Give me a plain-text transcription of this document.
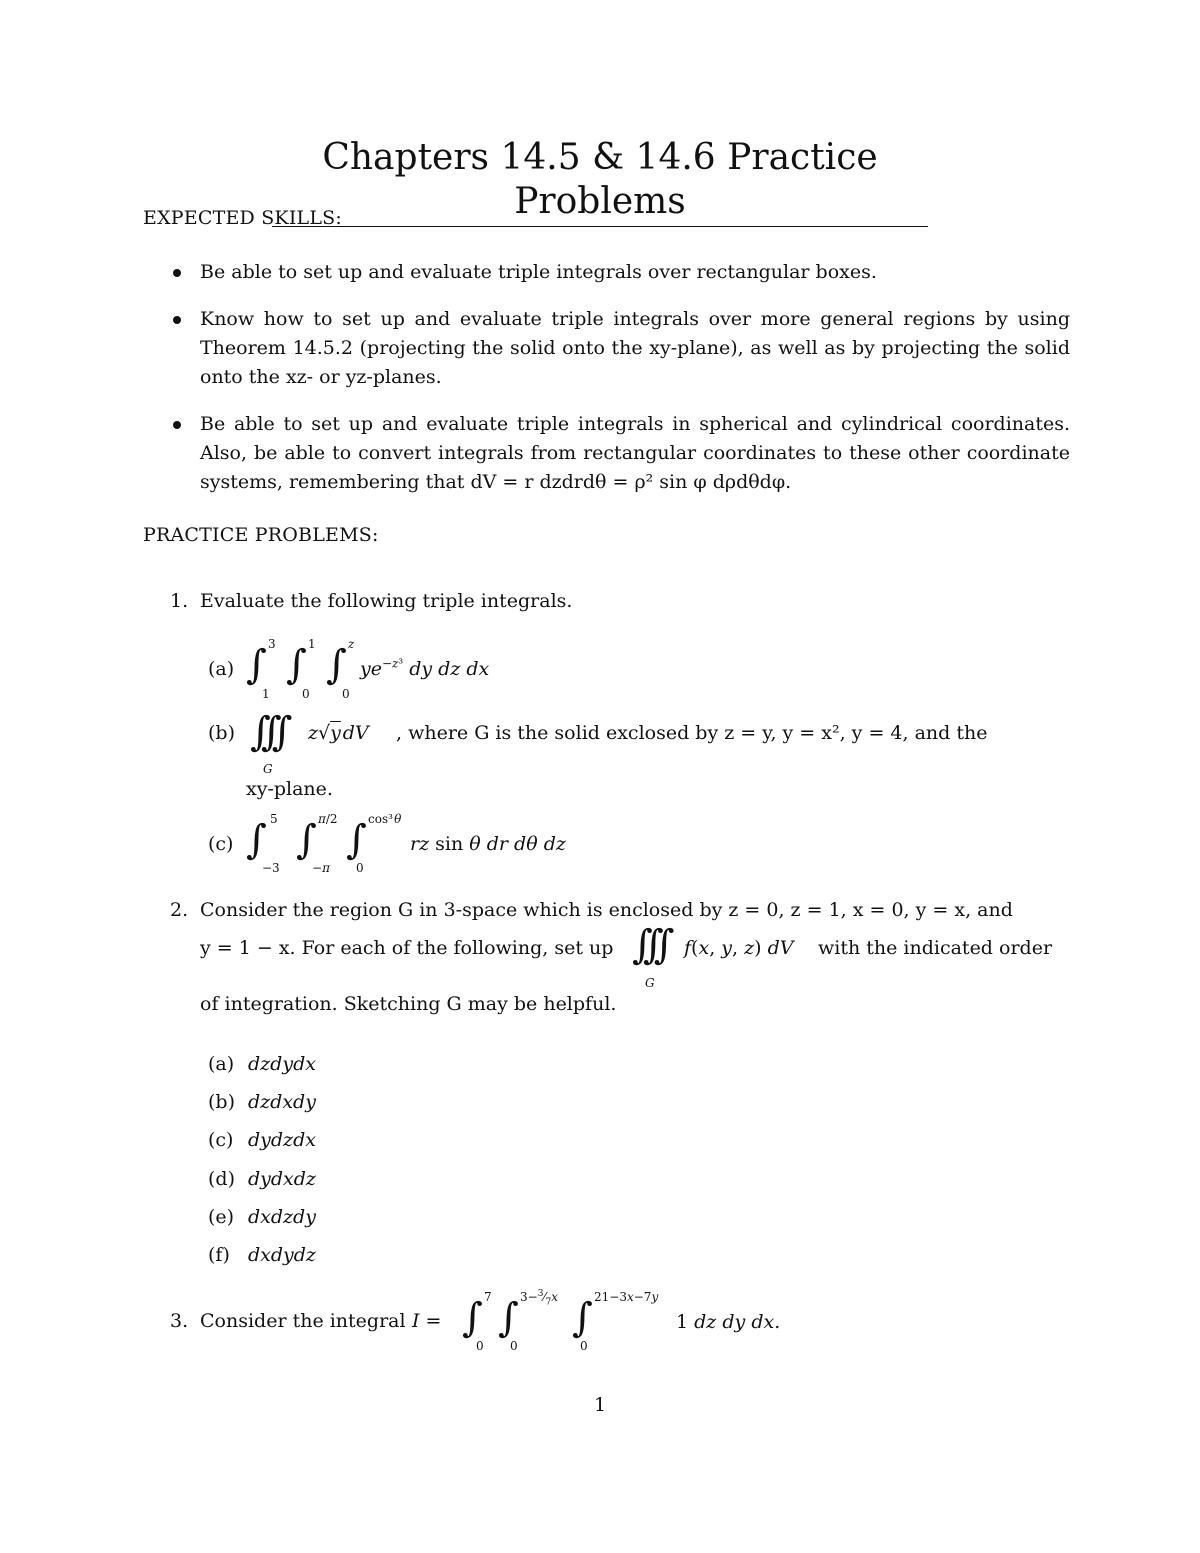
Chapters 14.5 & 14.6 Practice Problems
EXPECTED SKILLS:
Be able to set up and evaluate triple integrals over rectangular boxes.
Know how to set up and evaluate triple integrals over more general regions by using Theorem 14.5.2 (projecting the solid onto the xy-plane), as well as by projecting the solid onto the xz- or yz-planes.
Be able to set up and evaluate triple integrals in spherical and cylindrical coordinates. Also, be able to convert integrals from rectangular coordinates to these other coordinate systems, remembering that dV = r dzdrdθ = ρ² sin φ dρdθdφ.
PRACTICE PROBLEMS:
1. Evaluate the following triple integrals.
(a) ∫ 3
1
∫ 1
0
∫ z
0
$ye^{-z^3}$ dy dz dx
(b) ∫∫∫
G
z√y  dV , where G is the solid exclosed by z = y, y = x², y = 4, and the
xy-plane.
(c) ∫ 5
−3
∫ π/2
−π
∫ cos³ θ
0
rz sin θ dr dθ dz
2. Consider the region G in 3-space which is enclosed by z = 0, z = 1, x = 0, y = x, and
y = 1 − x. For each of the following, set up ∫∫∫
G
f(x, y, z) dV with the indicated order
of integration. Sketching G may be helpful.
(a) dzdydx
(b) dzdxdy
(c) dydzdx
(d) dydxdz
(e) dxdzdy
(f) dxdydz
3. Consider the integral I = ∫ 7
0
∫ $3-^3⁄_7x$
0
∫ 21−3x−7y
0
1 dz dy dx.
1
